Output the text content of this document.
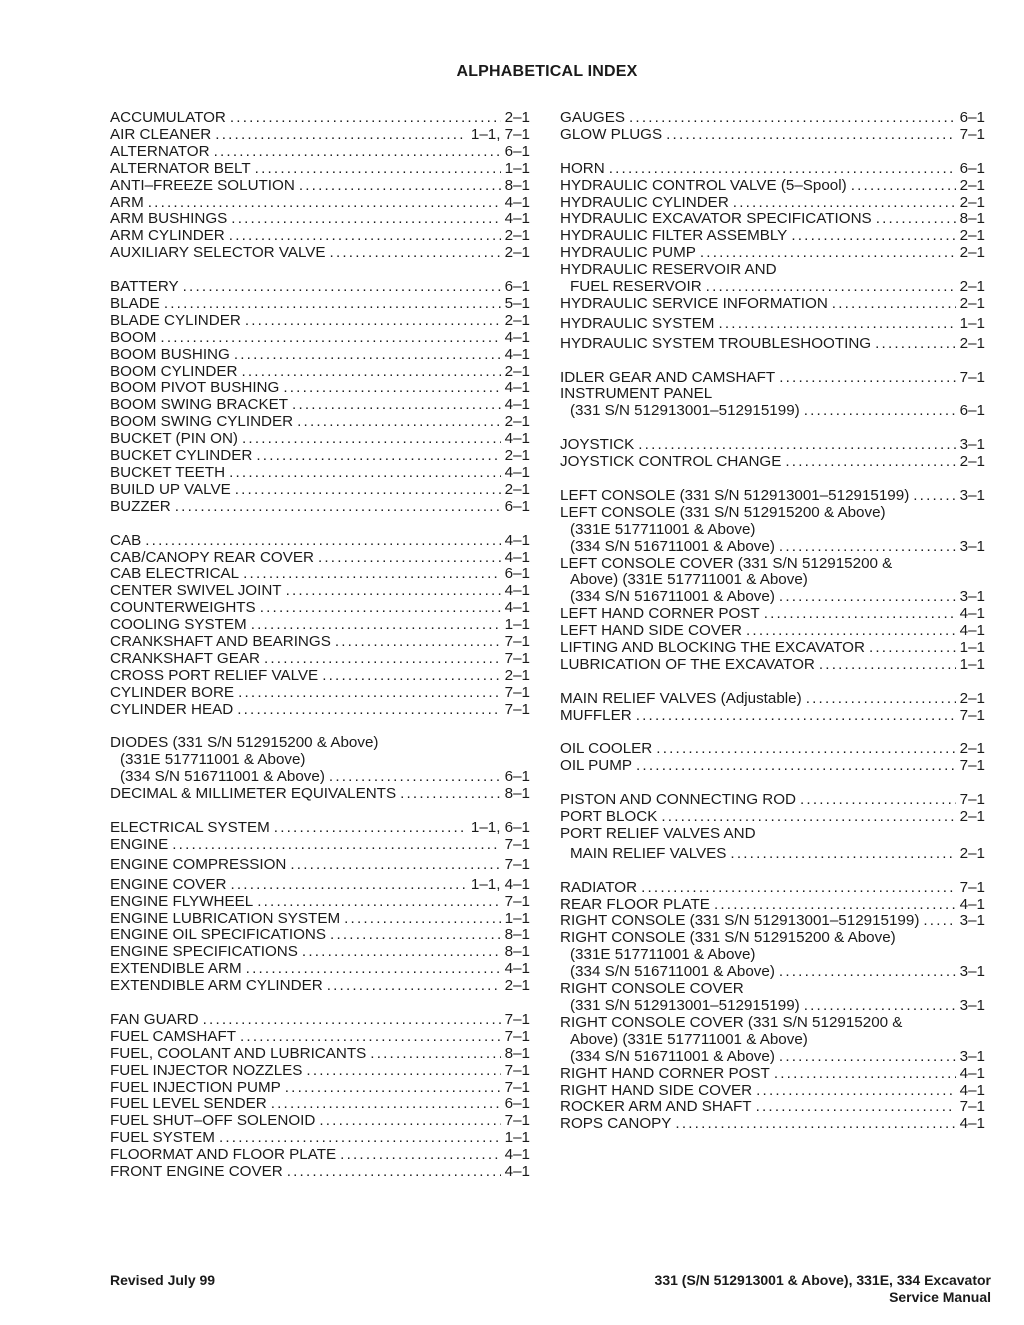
ALPHABETICAL INDEX
ACCUMULATOR .....	2–1
AIR CLEANER .....	1–1, 7–1
ALTERNATOR .....	6–1
ALTERNATOR BELT .....	1–1
ANTI–FREEZE SOLUTION .....	8–1
ARM .....	4–1
ARM BUSHINGS .....	4–1
ARM CYLINDER .....	2–1
AUXILIARY SELECTOR VALVE .....	2–1
BATTERY .....	6–1
BLADE .....	5–1
BLADE CYLINDER .....	2–1
BOOM .....	4–1
BOOM BUSHING .....	4–1
BOOM CYLINDER .....	2–1
BOOM PIVOT BUSHING .....	4–1
BOOM SWING BRACKET .....	4–1
BOOM SWING CYLINDER .....	2–1
BUCKET (PIN ON) .....	4–1
BUCKET CYLINDER .....	2–1
BUCKET TEETH .....	4–1
BUILD UP VALVE .....	2–1
BUZZER .....	6–1
CAB .....	4–1
CAB/CANOPY REAR COVER .....	4–1
CAB ELECTRICAL .....	6–1
CENTER SWIVEL JOINT .....	4–1
COUNTERWEIGHTS .....	4–1
COOLING SYSTEM .....	1–1
CRANKSHAFT AND BEARINGS .....	7–1
CRANKSHAFT GEAR .....	7–1
CROSS PORT RELIEF VALVE .....	2–1
CYLINDER BORE .....	7–1
CYLINDER HEAD .....	7–1
DIODES (331 S/N 512915200 & Above)
(331E 517711001 & Above)
(334 S/N 516711001 & Above) .....	6–1
DECIMAL & MILLIMETER EQUIVALENTS .....	8–1
ELECTRICAL SYSTEM .....	1–1, 6–1
ENGINE .....	7–1
ENGINE COMPRESSION .....	7–1
ENGINE COVER .....	1–1, 4–1
ENGINE FLYWHEEL .....	7–1
ENGINE LUBRICATION SYSTEM .....	1–1
ENGINE OIL SPECIFICATIONS .....	8–1
ENGINE SPECIFICATIONS .....	8–1
EXTENDIBLE ARM .....	4–1
EXTENDIBLE ARM CYLINDER .....	2–1
FAN GUARD .....	7–1
FUEL CAMSHAFT .....	7–1
FUEL, COOLANT AND LUBRICANTS .....	8–1
FUEL INJECTOR NOZZLES .....	7–1
FUEL INJECTION PUMP .....	7–1
FUEL LEVEL SENDER .....	6–1
FUEL SHUT–OFF SOLENOID .....	7–1
FUEL SYSTEM .....	1–1
FLOORMAT AND FLOOR PLATE .....	4–1
FRONT ENGINE COVER .....	4–1
GAUGES .....	6–1
GLOW PLUGS .....	7–1
HORN .....	6–1
HYDRAULIC CONTROL VALVE (5–Spool) .....	2–1
HYDRAULIC CYLINDER .....	2–1
HYDRAULIC EXCAVATOR SPECIFICATIONS .....	8–1
HYDRAULIC FILTER ASSEMBLY .....	2–1
HYDRAULIC PUMP .....	2–1
HYDRAULIC RESERVOIR AND
FUEL RESERVOIR .....	2–1
HYDRAULIC SERVICE INFORMATION .....	2–1
HYDRAULIC SYSTEM .....	1–1
HYDRAULIC SYSTEM TROUBLESHOOTING .....	2–1
IDLER GEAR AND CAMSHAFT .....	7–1
INSTRUMENT PANEL
(331 S/N 512913001–512915199) .....	6–1
JOYSTICK .....	3–1
JOYSTICK CONTROL CHANGE .....	2–1
LEFT CONSOLE (331 S/N 512913001–512915199) .....	3–1
LEFT CONSOLE (331 S/N 512915200 & Above)
(331E 517711001 & Above)
(334 S/N 516711001 & Above) .....	3–1
LEFT CONSOLE COVER (331 S/N 512915200 &
Above) (331E 517711001 & Above)
(334 S/N 516711001 & Above) .....	3–1
LEFT HAND CORNER POST .....	4–1
LEFT HAND SIDE COVER .....	4–1
LIFTING AND BLOCKING THE EXCAVATOR .....	1–1
LUBRICATION OF THE EXCAVATOR .....	1–1
MAIN RELIEF VALVES (Adjustable) .....	2–1
MUFFLER .....	7–1
OIL COOLER .....	2–1
OIL PUMP .....	7–1
PISTON AND CONNECTING ROD .....	7–1
PORT BLOCK .....	2–1
PORT RELIEF VALVES AND
MAIN RELIEF VALVES .....	2–1
RADIATOR .....	7–1
REAR FLOOR PLATE .....	4–1
RIGHT CONSOLE (331 S/N 512913001–512915199) .....	3–1
RIGHT CONSOLE (331 S/N 512915200 & Above)
(331E 517711001 & Above)
(334 S/N 516711001 & Above) .....	3–1
RIGHT CONSOLE COVER
(331 S/N 512913001–512915199) .....	3–1
RIGHT CONSOLE COVER (331 S/N 512915200 &
Above) (331E 517711001 & Above)
(334 S/N 516711001 & Above) .....	3–1
RIGHT HAND CORNER POST .....	4–1
RIGHT HAND SIDE COVER .....	4–1
ROCKER ARM AND SHAFT .....	7–1
ROPS CANOPY .....	4–1
Revised July 99	331 (S/N 512913001 & Above), 331E, 334 Excavator
Service Manual
